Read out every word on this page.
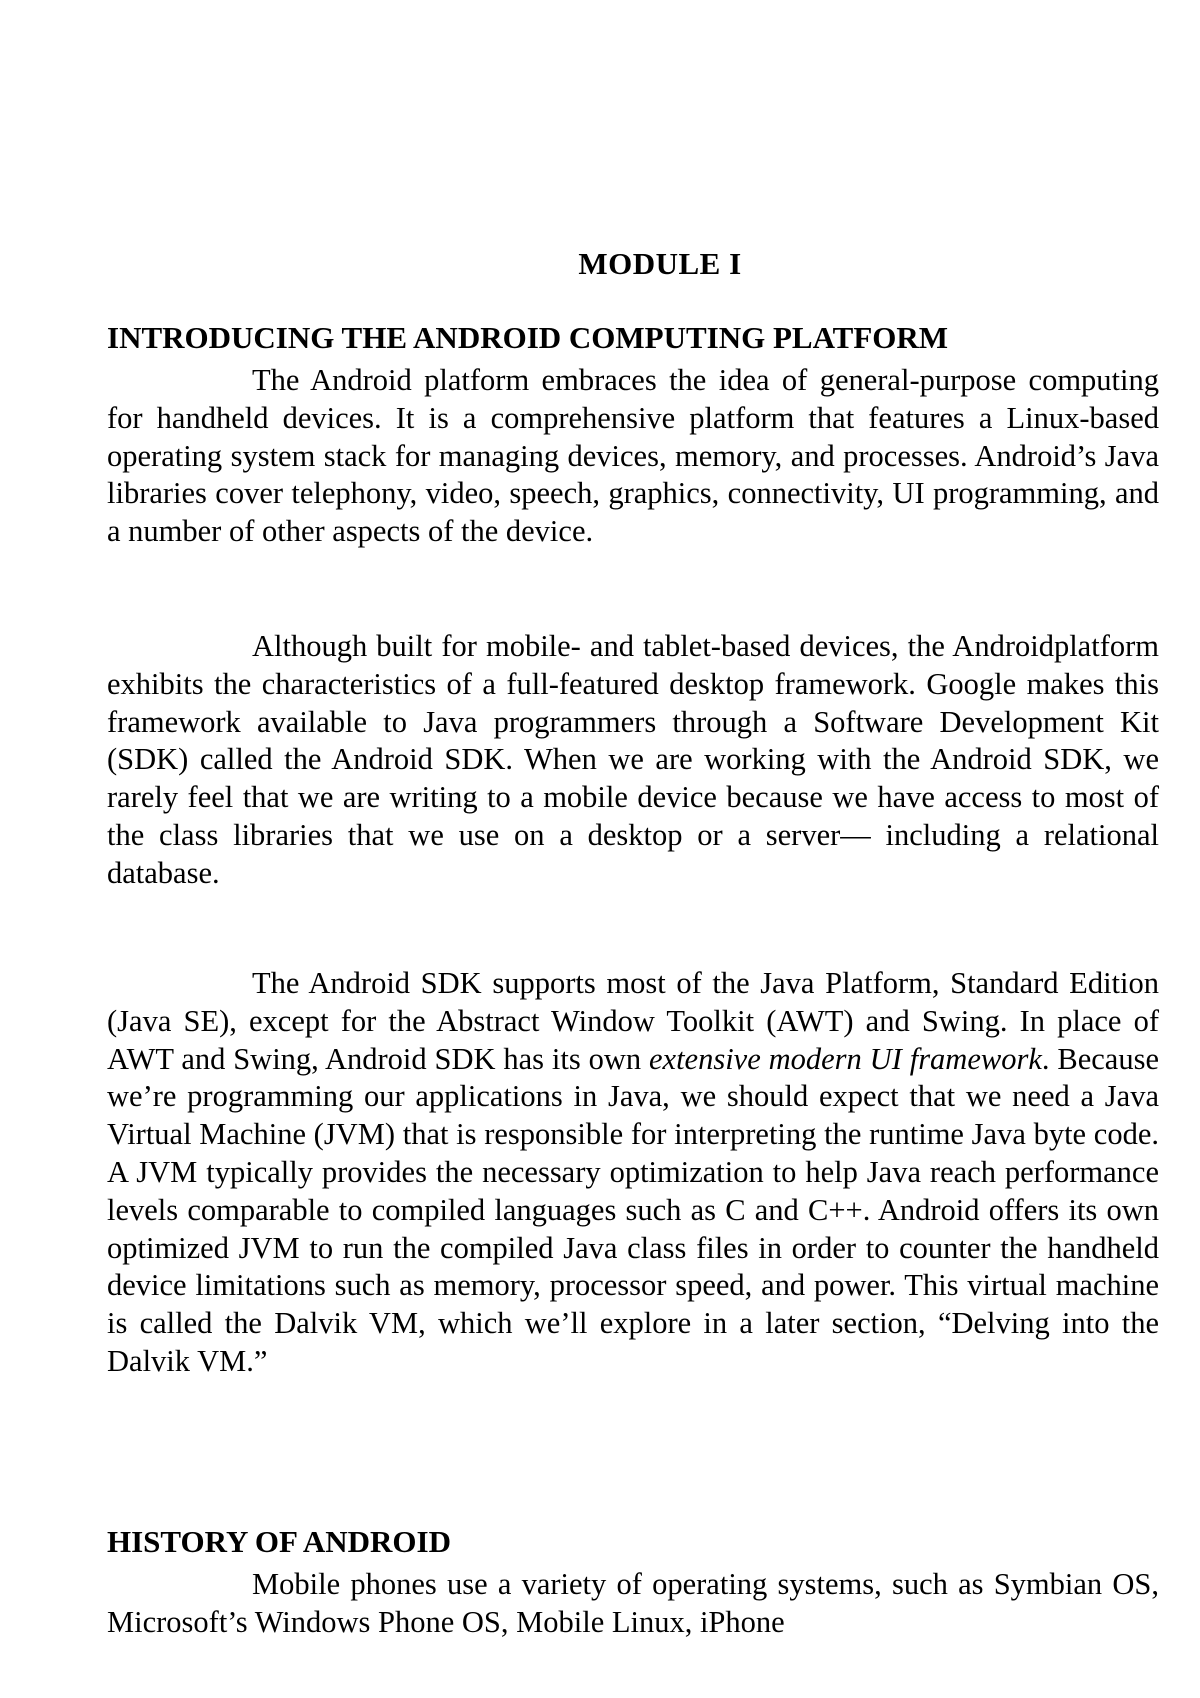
MODULE I
INTRODUCING THE ANDROID COMPUTING PLATFORM

The Android platform embraces the idea of general-purpose computing for handheld devices. It is a comprehensive platform that features a Linux-based operating system stack for managing devices, memory, and processes. Android’s Java libraries cover telephony, video, speech, graphics, connectivity, UI programming, and a number of other aspects of the device.

Although built for mobile- and tablet-based devices, the Androidplatform exhibits the characteristics of a full-featured desktop framework. Google makes this framework available to Java programmers through a Software Development Kit (SDK) called the Android SDK. When we are working with the Android SDK, we rarely feel that we are writing to a mobile device because we have access to most of the class libraries that we use on a desktop or a server— including a relational database.

The Android SDK supports most of the Java Platform, Standard Edition (Java SE), except for the Abstract Window Toolkit (AWT) and Swing. In place of AWT and Swing, Android SDK has its own extensive modern UI framework. Because we’re programming our applications in Java, we should expect that we need a Java Virtual Machine (JVM) that is responsible for interpreting the runtime Java byte code. A JVM typically provides the necessary optimization to help Java reach performance levels comparable to compiled languages such as C and C++. Android offers its own optimized JVM to run the compiled Java class files in order to counter the handheld device limitations such as memory, processor speed, and power. This virtual machine is called the Dalvik VM, which we’ll explore in a later section, “Delving into the Dalvik VM.”

HISTORY OF ANDROID

Mobile phones use a variety of operating systems, such as Symbian OS, Microsoft’s Windows Phone OS, Mobile Linux, iPhone
